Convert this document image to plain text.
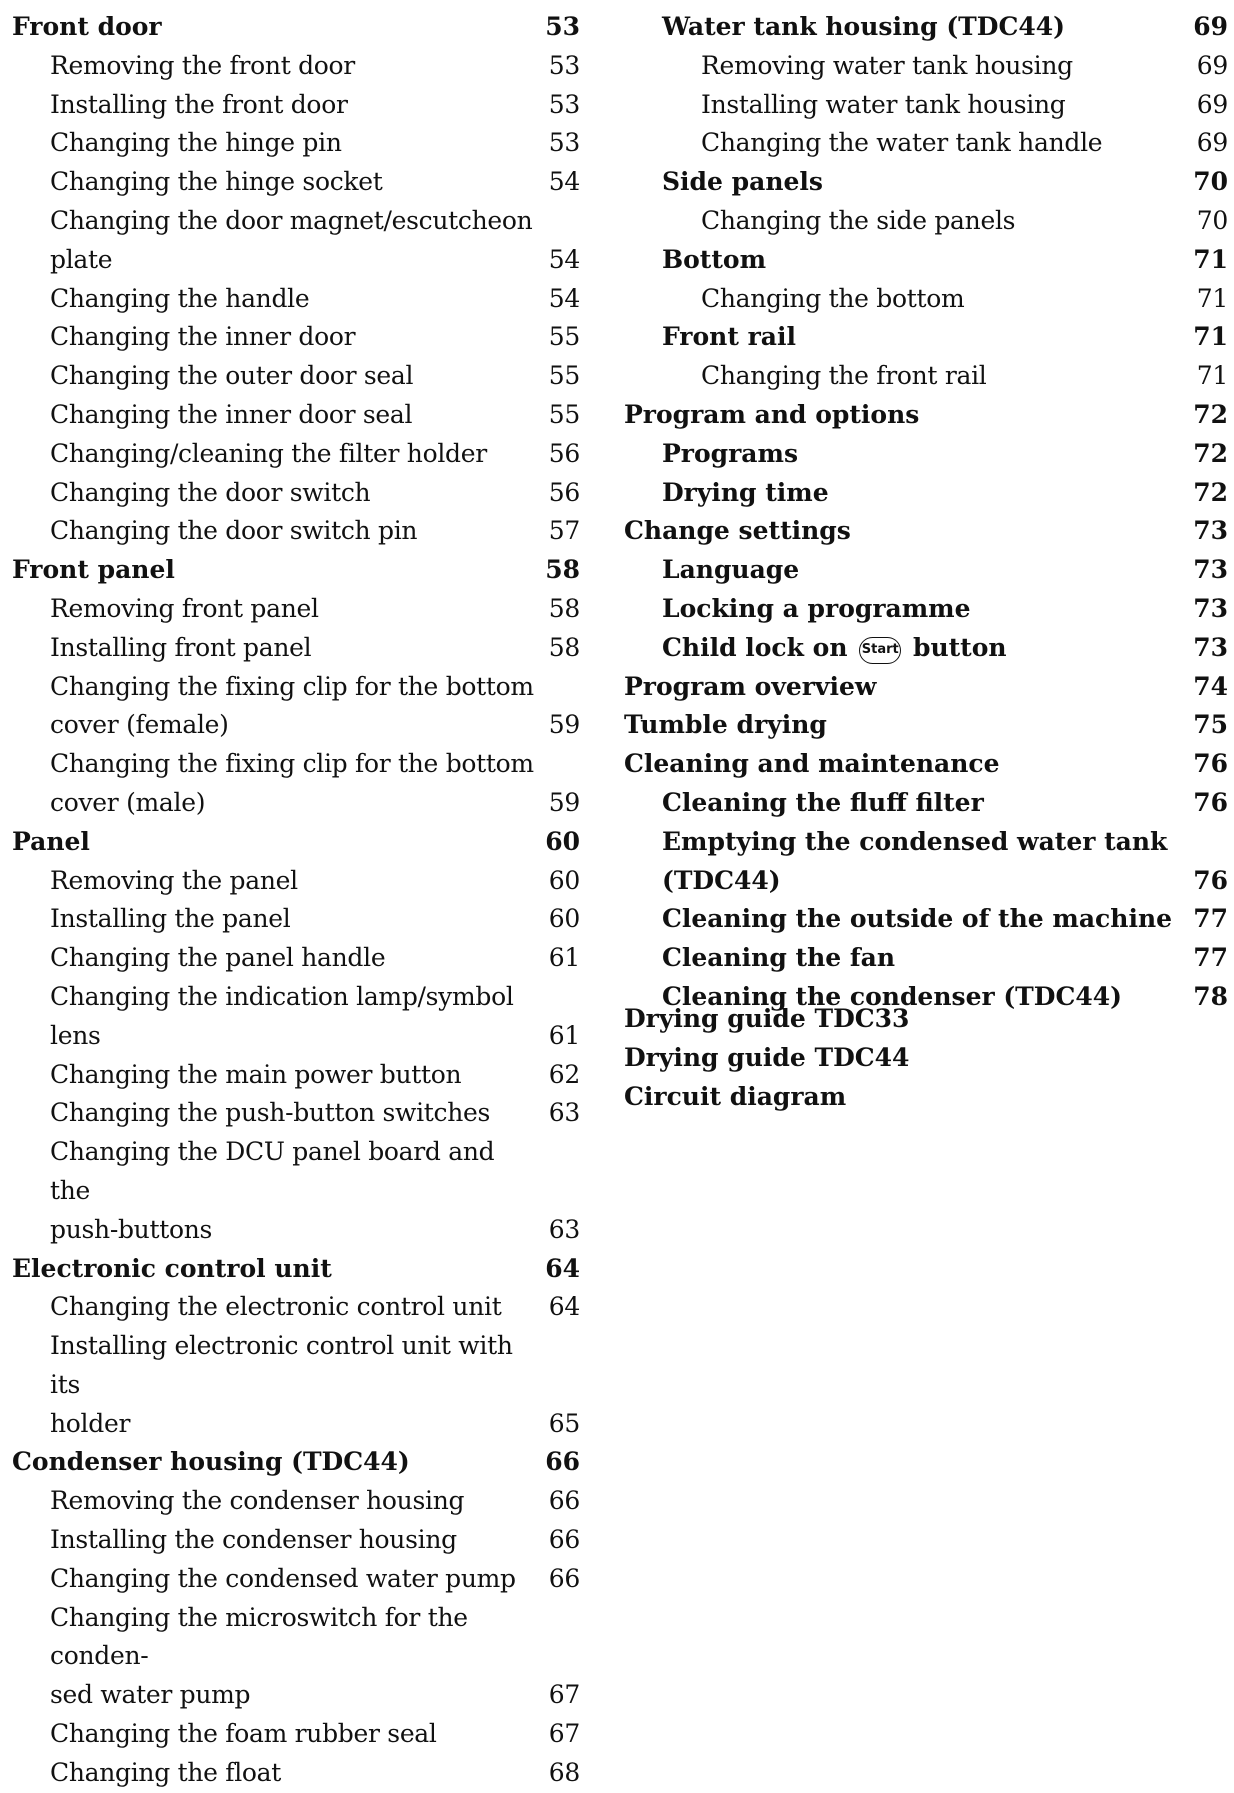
Front door	53
Removing the front door	53
Installing the front door	53
Changing the hinge pin	53
Changing the hinge socket	54
Changing the door magnet/escutcheon
plate	54
Changing the handle	54
Changing the inner door	55
Changing the outer door seal	55
Changing the inner door seal	55
Changing/cleaning the filter holder	56
Changing the door switch	56
Changing the door switch pin	57
Front panel	58
Removing front panel	58
Installing front panel	58
Changing the fixing clip for the bottom
cover (female)	59
Changing the fixing clip for the bottom
cover (male)	59
Panel	60
Removing the panel	60
Installing the panel	60
Changing the panel handle	61
Changing the indication lamp/symbol
lens	61
Changing the main power button	62
Changing the push-button switches	63
Changing the DCU panel board and the
push-buttons	63
Electronic control unit	64
Changing the electronic control unit	64
Installing electronic control unit with its
holder	65
Condenser housing (TDC44)	66
Removing the condenser housing	66
Installing the condenser housing	66
Changing the condensed water pump	66
Changing the microswitch for the conden-
sed water pump	67
Changing the foam rubber seal	67
Changing the float	68
Water tank housing (TDC44)	69
Removing water tank housing	69
Installing water tank housing	69
Changing the water tank handle	69
Side panels	70
Changing the side panels	70
Bottom	71
Changing the bottom	71
Front rail	71
Changing the front rail	71
Program and options	72
Programs	72
Drying time	72
Change settings	73
Language	73
Locking a programme	73
Child lock on Start button	73
Program overview	74
Tumble drying	75
Cleaning and maintenance	76
Cleaning the fluff filter	76
Emptying the condensed water tank
(TDC44)	76
Cleaning the outside of the machine 77
Cleaning the fan	77
Cleaning the condenser (TDC44)	78
Drying guide TDC33
Drying guide TDC44
Circuit diagram
